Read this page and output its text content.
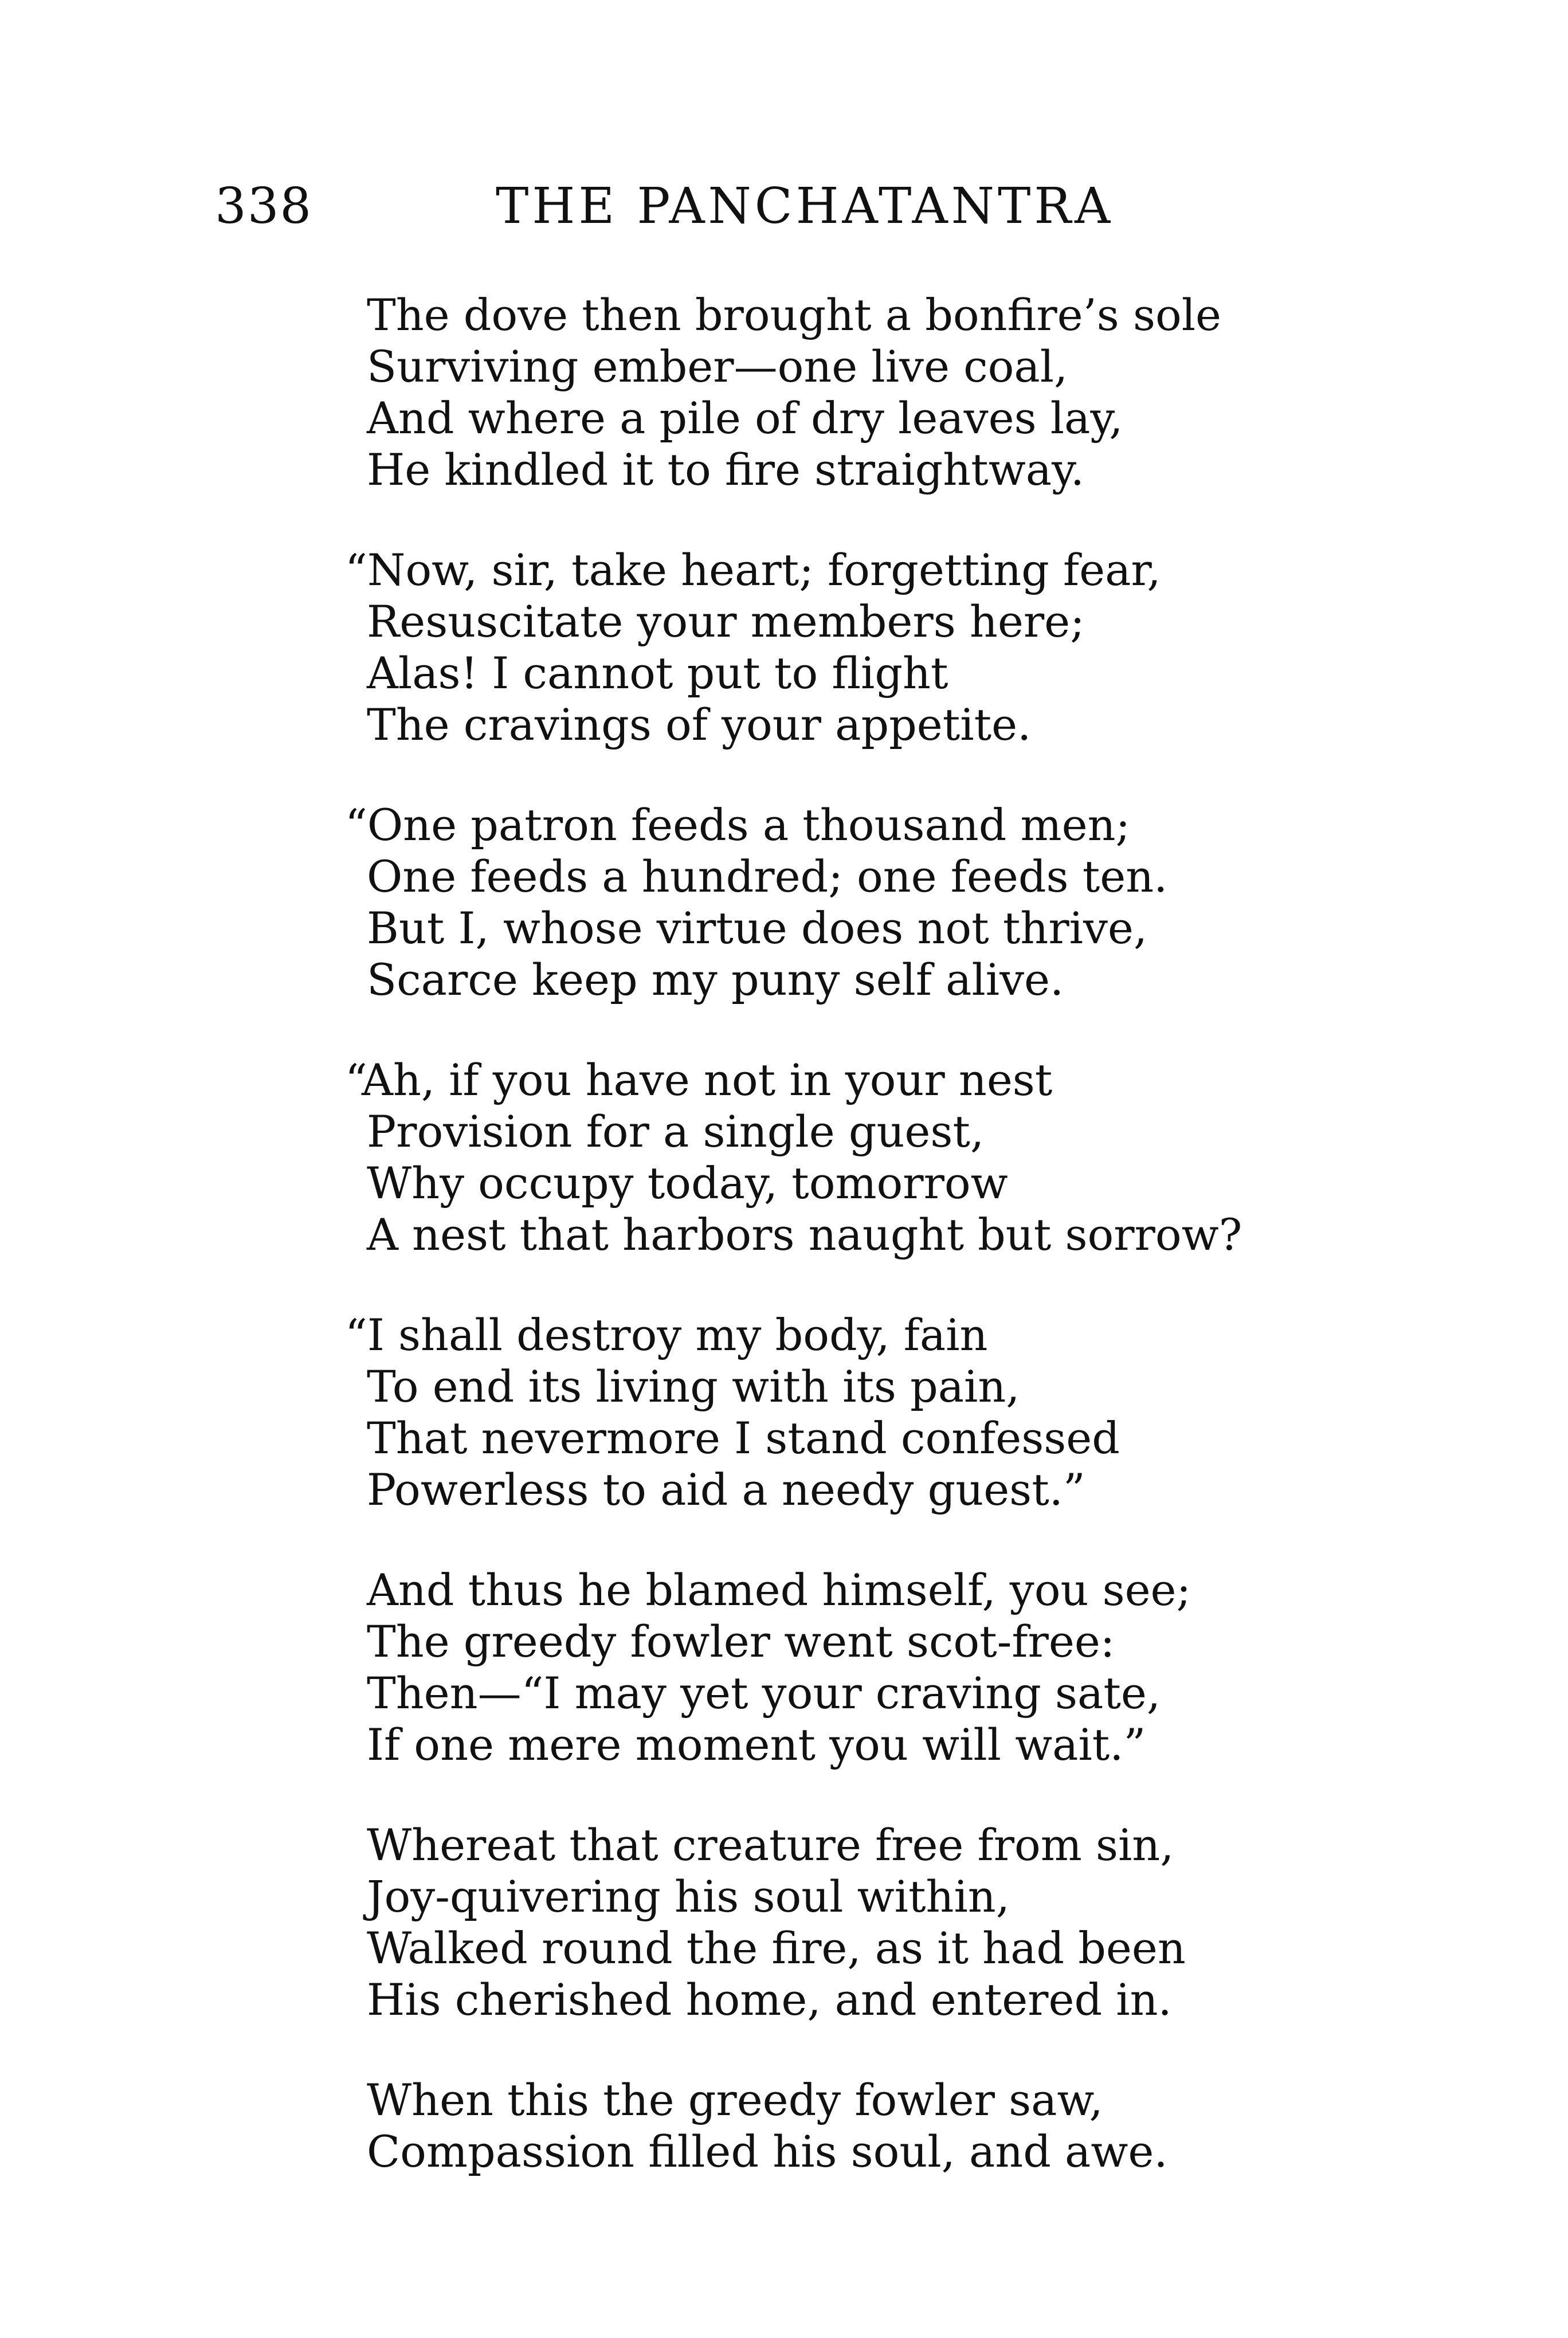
338	THE PANCHATANTRA
The dove then brought a bonfire’s sole
Surviving ember—one live coal,
And where a pile of dry leaves lay,
He kindled it to fire straightway.
“Now, sir, take heart; forgetting fear,
Resuscitate your members here;
Alas! I cannot put to flight
The cravings of your appetite.
“One patron feeds a thousand men;
One feeds a hundred; one feeds ten.
But I, whose virtue does not thrive,
Scarce keep my puny self alive.
“Ah, if you have not in your nest
Provision for a single guest,
Why occupy today, tomorrow
A nest that harbors naught but sorrow?
“I shall destroy my body, fain
To end its living with its pain,
That nevermore I stand confessed
Powerless to aid a needy guest.”
And thus he blamed himself, you see;
The greedy fowler went scot-free:
Then—“I may yet your craving sate,
If one mere moment you will wait.”
Whereat that creature free from sin,
Joy-quivering his soul within,
Walked round the fire, as it had been
His cherished home, and entered in.
When this the greedy fowler saw,
Compassion filled his soul, and awe.
